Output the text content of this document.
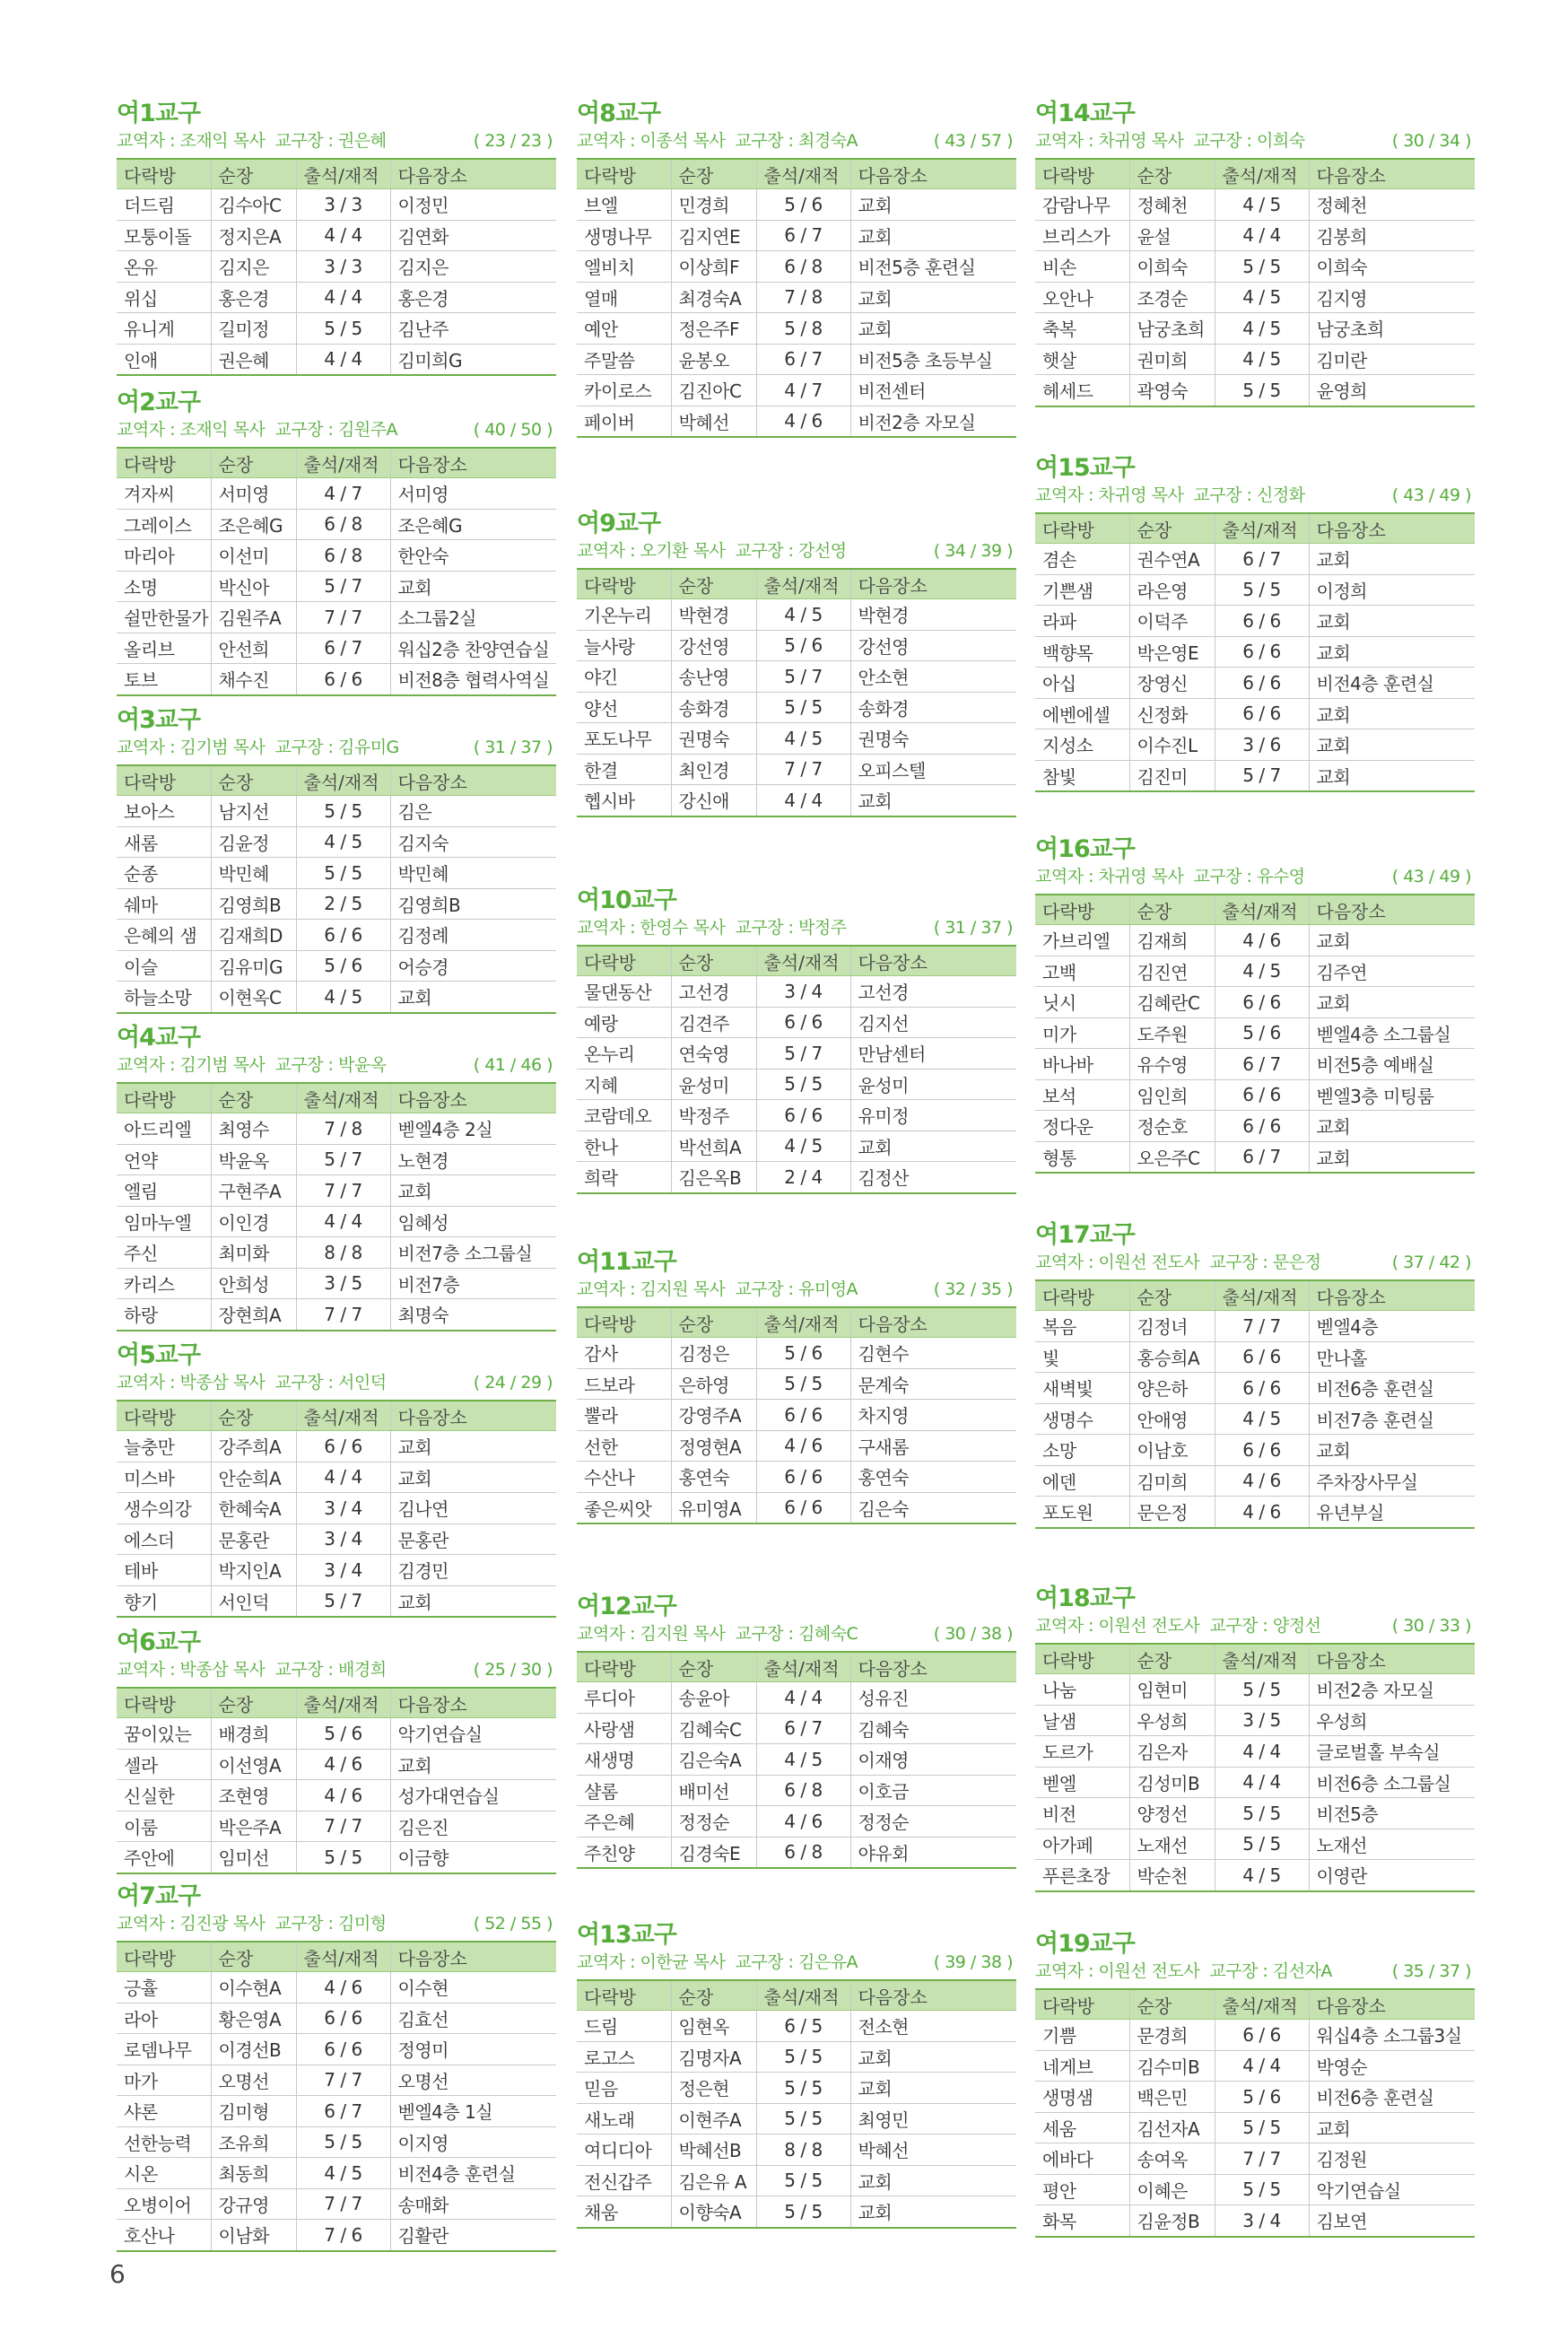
여1교구
교역자 : 조재익 목사 교구장 : 권은혜	( 23 / 23 )
다락방	순장	출석/재적	다음장소
더드림	김수아C	3 / 3	이정민
모퉁이돌	정지은A	4 / 4	김연화
온유	김지은	3 / 3	김지은
위십	홍은경	4 / 4	홍은경
유니게	길미정	5 / 5	김난주
인애	권은혜	4 / 4	김미희G
여2교구
교역자 : 조재익 목사 교구장 : 김원주A	( 40 / 50 )
다락방	순장	출석/재적	다음장소
겨자씨	서미영	4 / 7	서미영
그레이스	조은혜G	6 / 8	조은혜G
마리아	이선미	6 / 8	한안숙
소명	박신아	5 / 7	교회
쉴만한물가	김원주A	7 / 7	소그룹2실
올리브	안선희	6 / 7	워십2층 찬양연습실
토브	채수진	6 / 6	비전8층 협력사역실
여3교구
교역자 : 김기범 목사 교구장 : 김유미G	( 31 / 37 )
다락방	순장	출석/재적	다음장소
보아스	남지선	5 / 5	김은
새롬	김윤정	4 / 5	김지숙
순종	박민혜	5 / 5	박민혜
쉐마	김영희B	2 / 5	김영희B
은혜의 샘	김재희D	6 / 6	김정례
이슬	김유미G	5 / 6	어승경
하늘소망	이현옥C	4 / 5	교회
여4교구
교역자 : 김기범 목사 교구장 : 박윤옥	( 41 / 46 )
다락방	순장	출석/재적	다음장소
아드리엘	최영수	7 / 8	벧엘4층 2실
언약	박윤옥	5 / 7	노현경
엘림	구현주A	7 / 7	교회
임마누엘	이인경	4 / 4	임혜성
주신	최미화	8 / 8	비전7층 소그룹실
카리스	안희성	3 / 5	비전7층
하랑	장현희A	7 / 7	최명숙
여5교구
교역자 : 박종삼 목사 교구장 : 서인덕	( 24 / 29 )
다락방	순장	출석/재적	다음장소
늘충만	강주희A	6 / 6	교회
미스바	안순희A	4 / 4	교회
생수의강	한혜숙A	3 / 4	김나연
에스더	문홍란	3 / 4	문홍란
테바	박지인A	3 / 4	김경민
향기	서인덕	5 / 7	교회
여6교구
교역자 : 박종삼 목사 교구장 : 배경희	( 25 / 30 )
다락방	순장	출석/재적	다음장소
꿈이있는	배경희	5 / 6	악기연습실
셀라	이선영A	4 / 6	교회
신실한	조현영	4 / 6	성가대연습실
이룸	박은주A	7 / 7	김은진
주안에	임미선	5 / 5	이금향
여7교구
교역자 : 김진광 목사 교구장 : 김미형	( 52 / 55 )
다락방	순장	출석/재적	다음장소
긍휼	이수현A	4 / 6	이수현
라아	황은영A	6 / 6	김효선
로뎀나무	이경선B	6 / 6	정영미
마가	오명선	7 / 7	오명선
샤론	김미형	6 / 7	벧엘4층 1실
선한능력	조유희	5 / 5	이지영
시온	최동희	4 / 5	비전4층 훈련실
오병이어	강규영	7 / 7	송매화
호산나	이남화	7 / 6	김활란
여8교구
교역자 : 이종석 목사 교구장 : 최경숙A	( 43 / 57 )
다락방	순장	출석/재적	다음장소
브엘	민경희	5 / 6	교회
생명나무	김지연E	6 / 7	교회
엘비치	이상희F	6 / 8	비전5층 훈련실
열매	최경숙A	7 / 8	교회
예안	정은주F	5 / 8	교회
주말씀	윤봉오	6 / 7	비전5층 초등부실
카이로스	김진아C	4 / 7	비전센터
페이버	박혜선	4 / 6	비전2층 자모실
여9교구
교역자 : 오기환 목사 교구장 : 강선영	( 34 / 39 )
다락방	순장	출석/재적	다음장소
기온누리	박현경	4 / 5	박현경
늘사랑	강선영	5 / 6	강선영
야긴	송난영	5 / 7	안소현
양선	송화경	5 / 5	송화경
포도나무	권명숙	4 / 5	권명숙
한결	최인경	7 / 7	오피스텔
헵시바	강신애	4 / 4	교회
여10교구
교역자 : 한영수 목사 교구장 : 박정주	( 31 / 37 )
다락방	순장	출석/재적	다음장소
물댄동산	고선경	3 / 4	고선경
예랑	김견주	6 / 6	김지선
온누리	연숙영	5 / 7	만남센터
지혜	윤성미	5 / 5	윤성미
코람데오	박정주	6 / 6	유미정
한나	박선희A	4 / 5	교회
희락	김은옥B	2 / 4	김정산
여11교구
교역자 : 김지원 목사 교구장 : 유미영A	( 32 / 35 )
다락방	순장	출석/재적	다음장소
감사	김정은	5 / 6	김현수
드보라	은하영	5 / 5	문계숙
뿔라	강영주A	6 / 6	차지영
선한	정영현A	4 / 6	구새롬
수산나	홍연숙	6 / 6	홍연숙
좋은씨앗	유미영A	6 / 6	김은숙
여12교구
교역자 : 김지원 목사 교구장 : 김혜숙C	( 30 / 38 )
다락방	순장	출석/재적	다음장소
루디아	송윤아	4 / 4	성유진
사랑샘	김혜숙C	6 / 7	김혜숙
새생명	김은숙A	4 / 5	이재영
샬롬	배미선	6 / 8	이호금
주은혜	정정순	4 / 6	정정순
주친양	김경숙E	6 / 8	야유회
여13교구
교역자 : 이한균 목사 교구장 : 김은유A	( 39 / 38 )
다락방	순장	출석/재적	다음장소
드림	임현옥	6 / 5	전소현
로고스	김명자A	5 / 5	교회
믿음	정은현	5 / 5	교회
새노래	이현주A	5 / 5	최영민
여디디아	박혜선B	8 / 8	박혜선
전신갑주	김은유 A	5 / 5	교회
채움	이향숙A	5 / 5	교회
여14교구
교역자 : 차귀영 목사 교구장 : 이희숙	( 30 / 34 )
다락방	순장	출석/재적	다음장소
감람나무	정혜천	4 / 5	정혜천
브리스가	윤설	4 / 4	김봉희
비손	이희숙	5 / 5	이희숙
오안나	조경순	4 / 5	김지영
축복	남궁초희	4 / 5	남궁초희
햇살	권미희	4 / 5	김미란
헤세드	곽영숙	5 / 5	윤영희
여15교구
교역자 : 차귀영 목사 교구장 : 신정화	( 43 / 49 )
다락방	순장	출석/재적	다음장소
겸손	권수연A	6 / 7	교회
기쁜샘	라은영	5 / 5	이정희
라파	이덕주	6 / 6	교회
백향목	박은영E	6 / 6	교회
아십	장영신	6 / 6	비전4층 훈련실
에벤에셀	신정화	6 / 6	교회
지성소	이수진L	3 / 6	교회
참빛	김진미	5 / 7	교회
여16교구
교역자 : 차귀영 목사 교구장 : 유수영	( 43 / 49 )
다락방	순장	출석/재적	다음장소
가브리엘	김재희	4 / 6	교회
고백	김진연	4 / 5	김주연
닛시	김혜란C	6 / 6	교회
미가	도주원	5 / 6	벧엘4층 소그룹실
바나바	유수영	6 / 7	비전5층 예배실
보석	임인희	6 / 6	벧엘3층 미팅룸
정다운	정순호	6 / 6	교회
형통	오은주C	6 / 7	교회
여17교구
교역자 : 이원선 전도사 교구장 : 문은정	( 37 / 42 )
다락방	순장	출석/재적	다음장소
복음	김정녀	7 / 7	벧엘4층
빛	홍승희A	6 / 6	만나홀
새벽빛	양은하	6 / 6	비전6층 훈련실
생명수	안애영	4 / 5	비전7층 훈련실
소망	이남호	6 / 6	교회
에덴	김미희	4 / 6	주차장사무실
포도원	문은정	4 / 6	유년부실
여18교구
교역자 : 이원선 전도사 교구장 : 양정선	( 30 / 33 )
다락방	순장	출석/재적	다음장소
나눔	임현미	5 / 5	비전2층 자모실
날샘	우성희	3 / 5	우성희
도르가	김은자	4 / 4	글로벌홀 부속실
벧엘	김성미B	4 / 4	비전6층 소그룹실
비전	양정선	5 / 5	비전5층
아가페	노재선	5 / 5	노재선
푸른초장	박순천	4 / 5	이영란
여19교구
교역자 : 이원선 전도사 교구장 : 김선자A	( 35 / 37 )
다락방	순장	출석/재적	다음장소
기쁨	문경희	6 / 6	워십4층 소그룹3실
네게브	김수미B	4 / 4	박영순
생명샘	백은민	5 / 6	비전6층 훈련실
세움	김선자A	5 / 5	교회
에바다	송여옥	7 / 7	김정원
평안	이혜은	5 / 5	악기연습실
화목	김윤정B	3 / 4	김보연
6
